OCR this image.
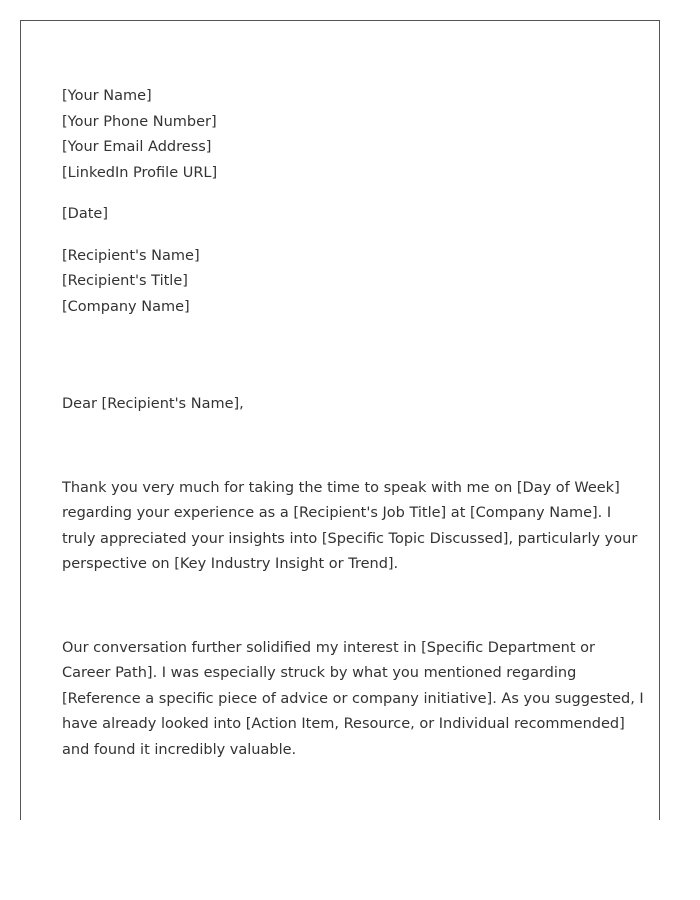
[Your Name]
[Your Phone Number]
[Your Email Address]
[LinkedIn Profile URL]
[Date]
[Recipient's Name]
[Recipient's Title]
[Company Name]
Dear [Recipient's Name],
Thank you very much for taking the time to speak with me on [Day of Week]
regarding your experience as a [Recipient's Job Title] at [Company Name]. I
truly appreciated your insights into [Specific Topic Discussed], particularly your
perspective on [Key Industry Insight or Trend].
Our conversation further solidified my interest in [Specific Department or
Career Path]. I was especially struck by what you mentioned regarding
[Reference a specific piece of advice or company initiative]. As you suggested, I
have already looked into [Action Item, Resource, or Individual recommended]
and found it incredibly valuable.
